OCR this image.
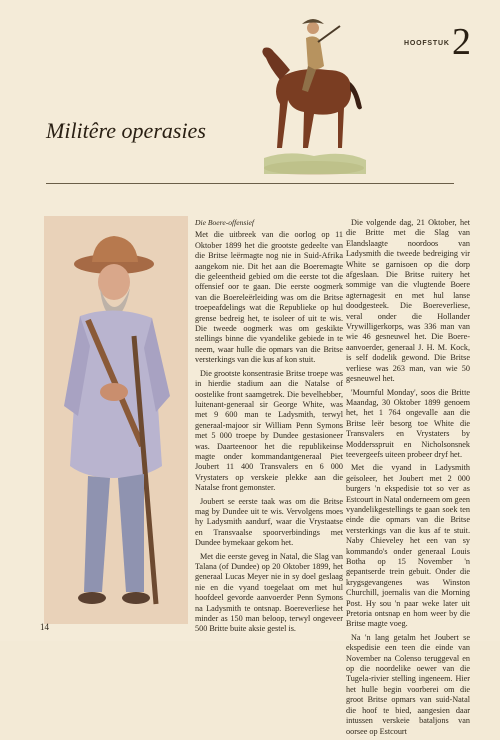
HOOFSTUK 2
Militêre operasies
Die Boere-offensief

Met die uitbreek van die oorlog op 11 Oktober 1899 het die grootste gedeelte van die Britse leërmagte nog nie in Suid-Afrika aangekom nie. Dit het aan die Boeremagte die geleentheid gebied om die eerste tot die offensief oor te gaan. Die eerste oogmerk van die Boereleërleiding was om die Britse troepeafdelings wat die Republieke op hul grense bedreig het, te isoleer of uit te wis. Die tweede oogmerk was om geskikte stellings binne die vyandelike gebiede in te neem, waar hulle die opmars van die Britse versterkings van die kus af kon stuit.

Die grootste konsentrasie Britse troepe was in hierdie stadium aan die Natalse of oostelike front saamgetrek. Die bevelhebber, luitenant-generaal sir George White, was met 9 600 man te Ladysmith, terwyl generaal-majoor sir William Penn Symons met 5 000 troepe by Dundee gestasioneer was. Daarteenoor het die republikeinse magte onder kommandantgeneraal Piet Joubert 11 400 Transvalers en 6 000 Vrystaters op verskeie plekke aan die Natalse front gemonster.

Joubert se eerste taak was om die Britse mag by Dundee uit te wis. Vervolgens moes hy Ladysmith aandurf, waar die Vrystaatse en Transvaalse spoorverbindings met Dundee bymekaar gekom het.

Met die eerste geveg in Natal, die Slag van Talana (of Dundee) op 20 Oktober 1899, het generaal Lucas Meyer nie in sy doel geslaag nie en die vyand toegelaat om met hul hoofdeel gevorde aanvoerder Penn Symons na Ladysmith te ontsnap. Boereverliese het minder as 150 man beloop, terwyl ongeveer 500 Britte buite aksie gestel is.

Die volgende dag, 21 Oktober, het die Britte met die Slag van Elandslaagte noordoos van Ladysmith die tweede bedreiging vir White se garnisoen op die dorp afgeslaan. Die Britse ruitery het sommige van die vlugtende Boere agternagesit en met hul lanse doodgesteek. Die Boereverliese, veral onder die Hollander Vrywilligerkorps, was 336 man van wie 46 gesneuwel het. Die Boere-aanvoerder, generaal J. H. M. Kock, is self dodelik gewond. Die Britse verliese was 263 man, van wie 50 gesneuwel het.

'Mournful Monday', soos die Britte Maandag, 30 Oktober 1899 genoem het, het 1 764 ongevalle aan die Britse leër besorg toe White die Transvalers en Vrystaters by Moddersspruit en Nicholsonsnek teevergeefs uiteen probeer dryf het.

Met die vyand in Ladysmith geïsoleer, het Joubert met 2 000 burgers 'n ekspedisie tot so ver as Estcourt in Natal onderneem om geen vyandelikgestellings te gaan soek ten einde die opmars van die Britse versterkings van die kus af te stuit. Naby Chieveley het een van sy kommando's onder generaal Louis Botha op 15 November 'n gepantserde trein gebuit. Onder die krygsgevangenes was Winston Churchill, joernalis van die Morning Post. Hy sou 'n paar weke later uit Pretoria ontsnap en hom weer by die Britse magte voeg.

Na 'n lang getalm het Joubert se ekspedisie een teen die einde van November na Colenso teruggeval en op die noordelike oewer van die Tugela-rivier stelling ingeneem. Hier het hulle begin voorberei om die groot Britse opmars van suid-Natal die hoof te bied, aangesien daar intussen verskeie bataljons van oorsee op Estcourt

14
